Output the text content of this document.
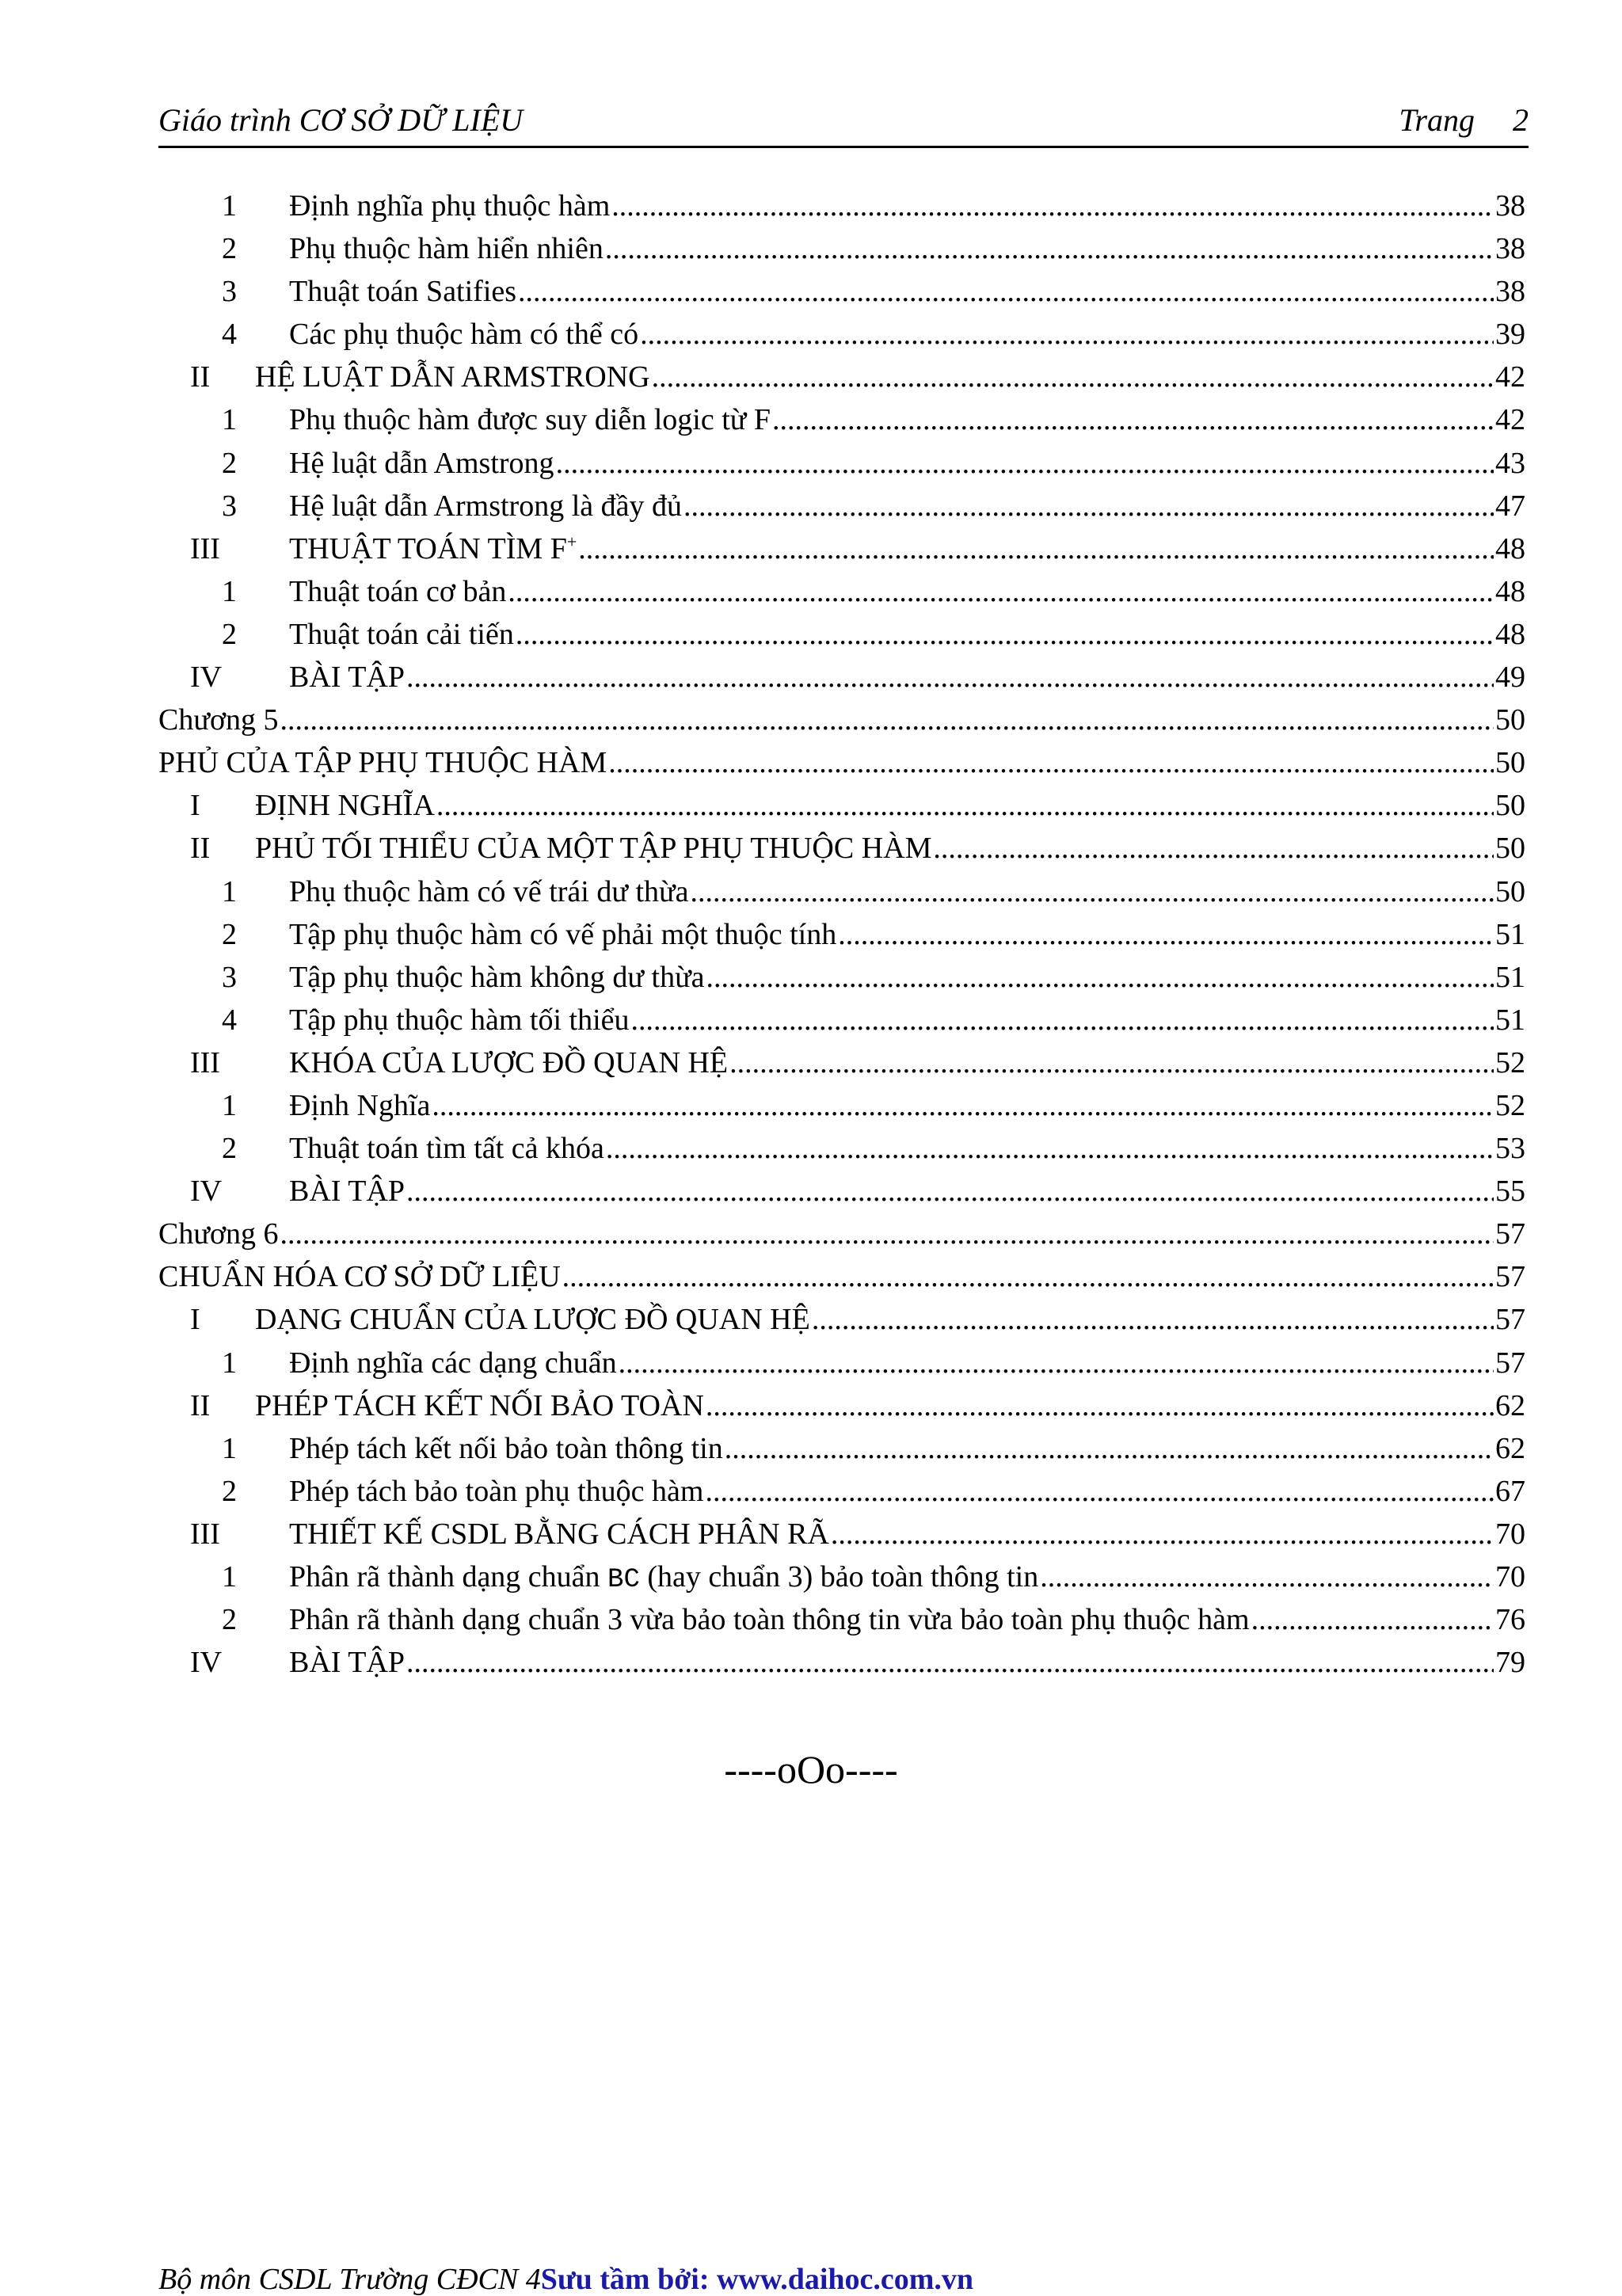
Giáo trình CƠ SỞ DỮ LIỆU	Trang 2
1 Định nghĩa phụ thuộc hàm .....	38
2 Phụ thuộc hàm hiển nhiên .....	38
3 Thuật toán Satifies .....	38
4 Các phụ thuộc hàm có thể có .....	39
II HỆ LUẬT DẪN ARMSTRONG .....	42
1 Phụ thuộc hàm được suy diễn logic từ F .....	42
2 Hệ luật dẫn Amstrong .....	43
3 Hệ luật dẫn Armstrong là đầy đủ .....	47
III THUẬT TOÁN TÌM F+ .....	48
1 Thuật toán cơ bản .....	48
2 Thuật toán cải tiến .....	48
IV BÀI TẬP .....	49
Chương 5 .....	50
PHỦ CỦA TẬP PHỤ THUỘC HÀM .....	50
I ĐỊNH NGHĨA .....	50
II PHỦ TỐI THIỂU CỦA MỘT TẬP PHỤ THUỘC HÀM .....	50
1 Phụ thuộc hàm có vế trái dư thừa .....	50
2 Tập phụ thuộc hàm có vế phải một thuộc tính .....	51
3 Tập phụ thuộc hàm không dư thừa .....	51
4 Tập phụ thuộc hàm tối thiểu .....	51
III KHÓA CỦA LƯỢC ĐỒ QUAN HỆ .....	52
1 Định Nghĩa .....	52
2 Thuật toán tìm tất cả khóa .....	53
IV BÀI TẬP .....	55
Chương 6 .....	57
CHUẨN HÓA CƠ SỞ DỮ LIỆU .....	57
I DẠNG CHUẨN CỦA LƯỢC ĐỒ QUAN HỆ .....	57
1 Định nghĩa các dạng chuẩn .....	57
II PHÉP TÁCH KẾT NỐI BẢO TOÀN .....	62
1 Phép tách kết nối bảo toàn thông tin .....	62
2 Phép tách bảo toàn phụ thuộc hàm .....	67
III THIẾT KẾ CSDL BẰNG CÁCH PHÂN RÃ .....	70
1 Phân rã thành dạng chuẩn BC (hay chuẩn 3) bảo toàn thông tin .....	70
2 Phân rã thành dạng chuẩn 3 vừa bảo toàn thông tin vừa bảo toàn phụ thuộc hàm .....	76
IV BÀI TẬP .....	79
----oOo----
Bộ môn CSDL Trường CĐCN 4Sưu tầm bởi: www.daihoc.com.vn
